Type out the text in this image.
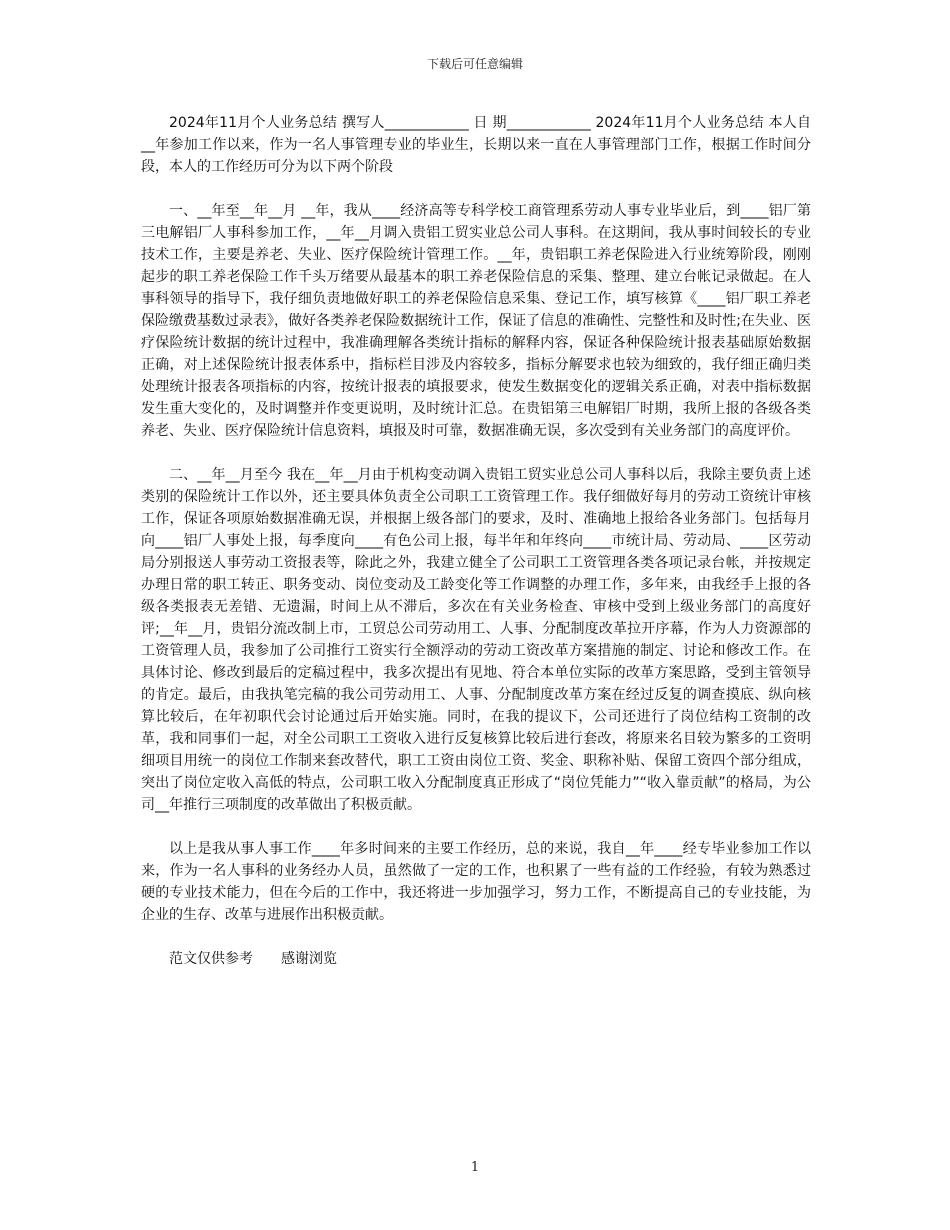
下载后可任意编辑

2024年11月个人业务总结 撰写人____________ 日 期____________ 2024年11月个人业务总结 本人自__年参加工作以来，作为一名人事管理专业的毕业生，长期以来一直在人事管理部门工作，根据工作时间分段，本人的工作经历可分为以下两个阶段

一、__年至__年__月 __年，我从____经济高等专科学校工商管理系劳动人事专业毕业后，到____铝厂第三电解铝厂人事科参加工作，__年__月调入贵铝工贸实业总公司人事科。在这期间，我从事时间较长的专业技术工作，主要是养老、失业、医疗保险统计管理工作。__年，贵铝职工养老保险进入行业统筹阶段，刚刚起步的职工养老保险工作千头万绪要从最基本的职工养老保险信息的采集、整理、建立台帐记录做起。在人事科领导的指导下，我仔细负责地做好职工的养老保险信息采集、登记工作，填写核算《____铝厂职工养老保险缴费基数过录表》，做好各类养老保险数据统计工作，保证了信息的准确性、完整性和及时性;在失业、医疗保险统计数据的统计过程中，我准确理解各类统计指标的解释内容，保证各种保险统计报表基础原始数据正确，对上述保险统计报表体系中，指标栏目涉及内容较多，指标分解要求也较为细致的，我仔细正确归类处理统计报表各项指标的内容，按统计报表的填报要求，使发生数据变化的逻辑关系正确，对表中指标数据发生重大变化的，及时调整并作变更说明，及时统计汇总。在贵铝第三电解铝厂时期，我所上报的各级各类养老、失业、医疗保险统计信息资料，填报及时可靠，数据准确无误，多次受到有关业务部门的高度评价。

二、__年__月至今 我在__年__月由于机构变动调入贵铝工贸实业总公司人事科以后，我除主要负责上述类别的保险统计工作以外，还主要具体负责全公司职工工资管理工作。我仔细做好每月的劳动工资统计审核工作，保证各项原始数据准确无误，并根据上级各部门的要求，及时、准确地上报给各业务部门。包括每月向____铝厂人事处上报，每季度向____有色公司上报，每半年和年终向____市统计局、劳动局、____区劳动局分别报送人事劳动工资报表等，除此之外，我建立健全了公司职工工资管理各类各项记录台帐，并按规定办理日常的职工转正、职务变动、岗位变动及工龄变化等工作调整的办理工作，多年来，由我经手上报的各级各类报表无差错、无遗漏，时间上从不滞后，多次在有关业务检查、审核中受到上级业务部门的高度好评;__年__月，贵铝分流改制上市，工贸总公司劳动用工、人事、分配制度改革拉开序幕，作为人力资源部的工资管理人员，我参加了公司推行工资实行全额浮动的劳动工资改革方案措施的制定、讨论和修改工作。在具体讨论、修改到最后的定稿过程中，我多次提出有见地、符合本单位实际的改革方案思路，受到主管领导的肯定。最后，由我执笔完稿的我公司劳动用工、人事、分配制度改革方案在经过反复的调查摸底、纵向核算比较后，在年初职代会讨论通过后开始实施。同时，在我的提议下，公司还进行了岗位结构工资制的改革，我和同事们一起，对全公司职工工资收入进行反复核算比较后进行套改，将原来名目较为繁多的工资明细项目用统一的岗位工作制来套改替代，职工工资由岗位工资、奖金、职称补贴、保留工资四个部分组成，突出了岗位定收入高低的特点，公司职工收入分配制度真正形成了“岗位凭能力”“收入靠贡献”的格局，为公司__年推行三项制度的改革做出了积极贡献。

以上是我从事人事工作____年多时间来的主要工作经历，总的来说，我自__年____经专毕业参加工作以来，作为一名人事科的业务经办人员，虽然做了一定的工作，也积累了一些有益的工作经验，有较为熟悉过硬的专业技术能力，但在今后的工作中，我还将进一步加强学习，努力工作，不断提高自己的专业技能，为企业的生存、改革与进展作出积极贡献。

范文仅供参考 感谢浏览

1
